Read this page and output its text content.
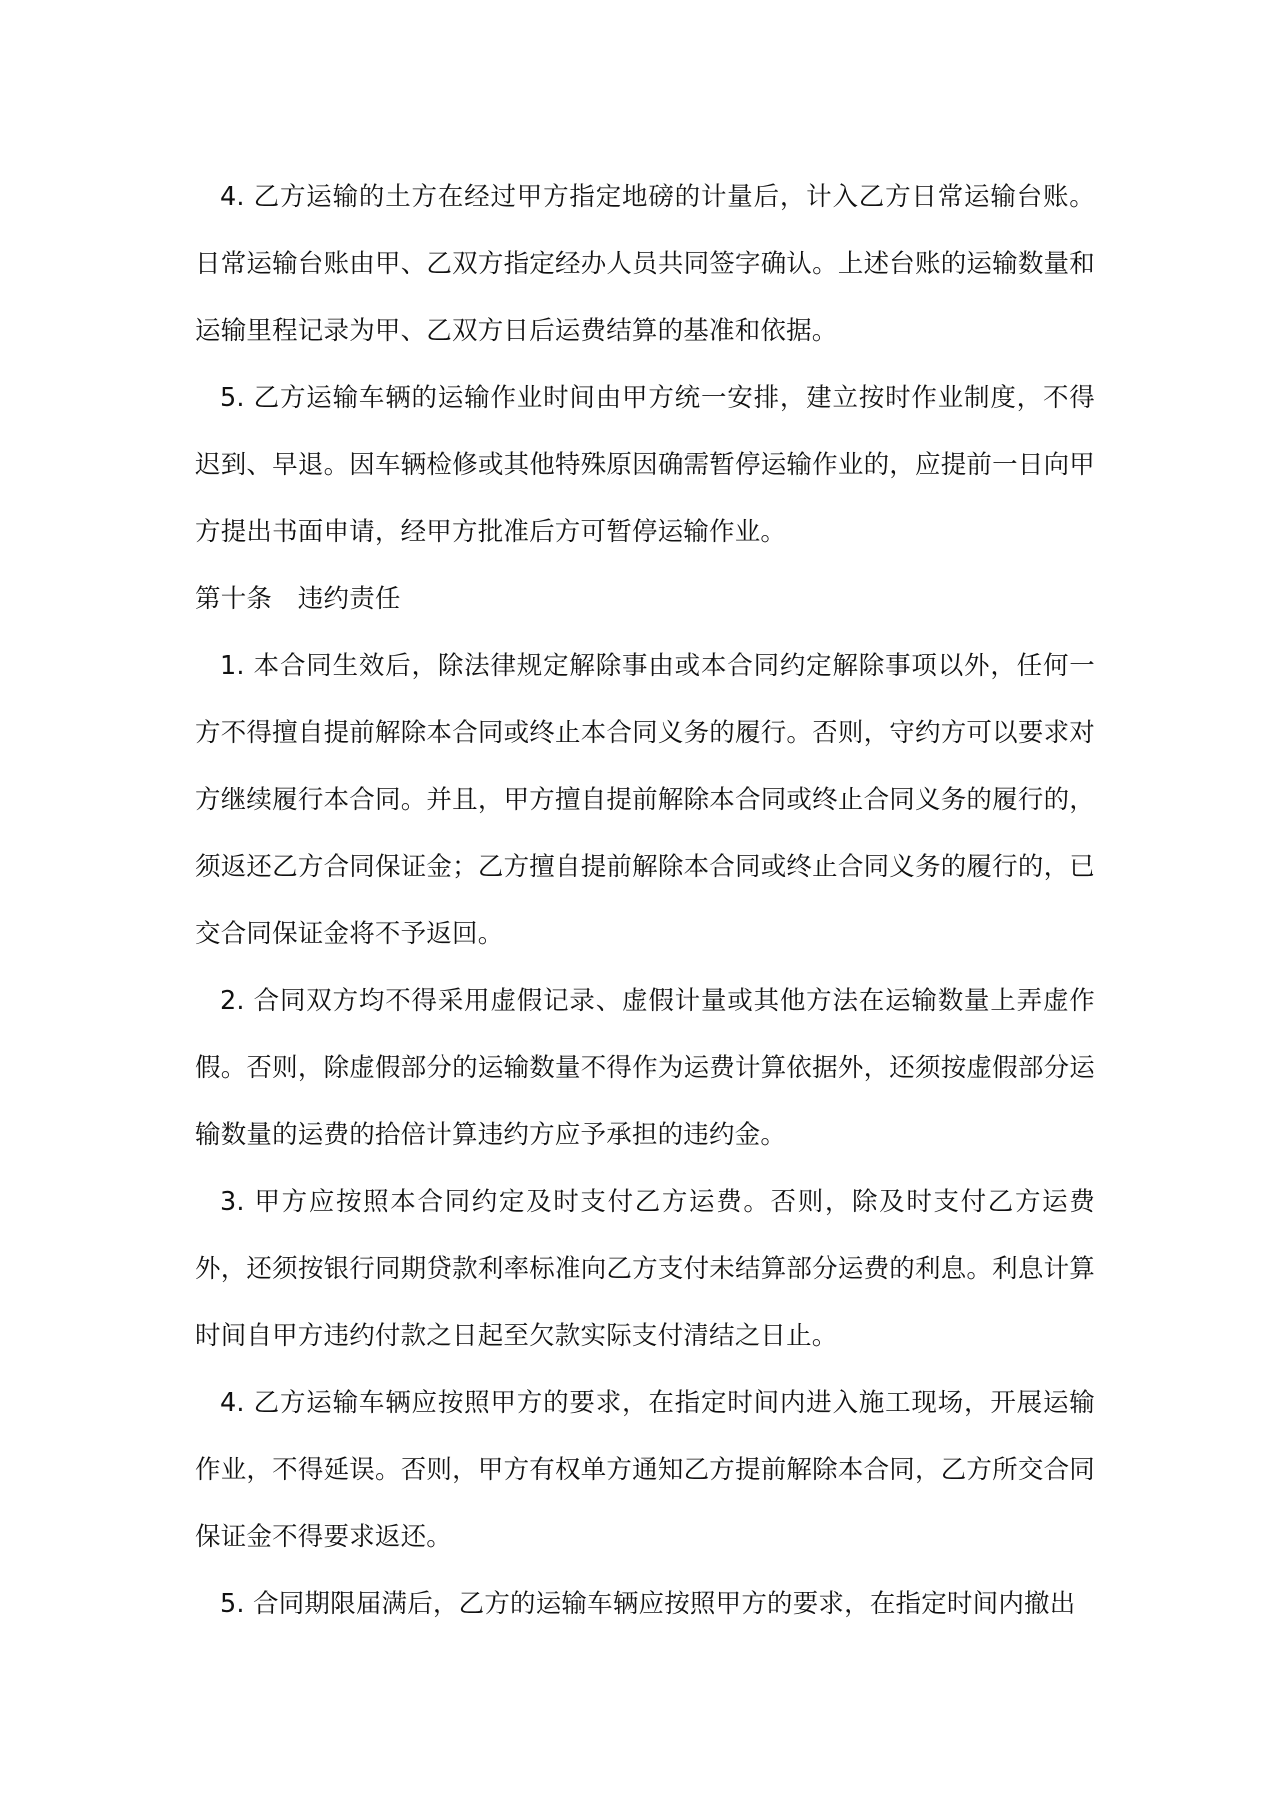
4. 乙方运输的土方在经过甲方指定地磅的计量后，计入乙方日常运输台账。日常运输台账由甲、乙双方指定经办人员共同签字确认。上述台账的运输数量和运输里程记录为甲、乙双方日后运费结算的基准和依据。

5. 乙方运输车辆的运输作业时间由甲方统一安排，建立按时作业制度，不得迟到、早退。因车辆检修或其他特殊原因确需暂停运输作业的，应提前一日向甲方提出书面申请，经甲方批准后方可暂停运输作业。

第十条　违约责任

1. 本合同生效后，除法律规定解除事由或本合同约定解除事项以外，任何一方不得擅自提前解除本合同或终止本合同义务的履行。否则，守约方可以要求对方继续履行本合同。并且，甲方擅自提前解除本合同或终止合同义务的履行的，须返还乙方合同保证金；乙方擅自提前解除本合同或终止合同义务的履行的，已交合同保证金将不予返回。

2. 合同双方均不得采用虚假记录、虚假计量或其他方法在运输数量上弄虚作假。否则，除虚假部分的运输数量不得作为运费计算依据外，还须按虚假部分运输数量的运费的拾倍计算违约方应予承担的违约金。

3. 甲方应按照本合同约定及时支付乙方运费。否则，除及时支付乙方运费外，还须按银行同期贷款利率标准向乙方支付未结算部分运费的利息。利息计算时间自甲方违约付款之日起至欠款实际支付清结之日止。

4. 乙方运输车辆应按照甲方的要求，在指定时间内进入施工现场，开展运输作业，不得延误。否则，甲方有权单方通知乙方提前解除本合同，乙方所交合同保证金不得要求返还。

5. 合同期限届满后，乙方的运输车辆应按照甲方的要求，在指定时间内撤出
